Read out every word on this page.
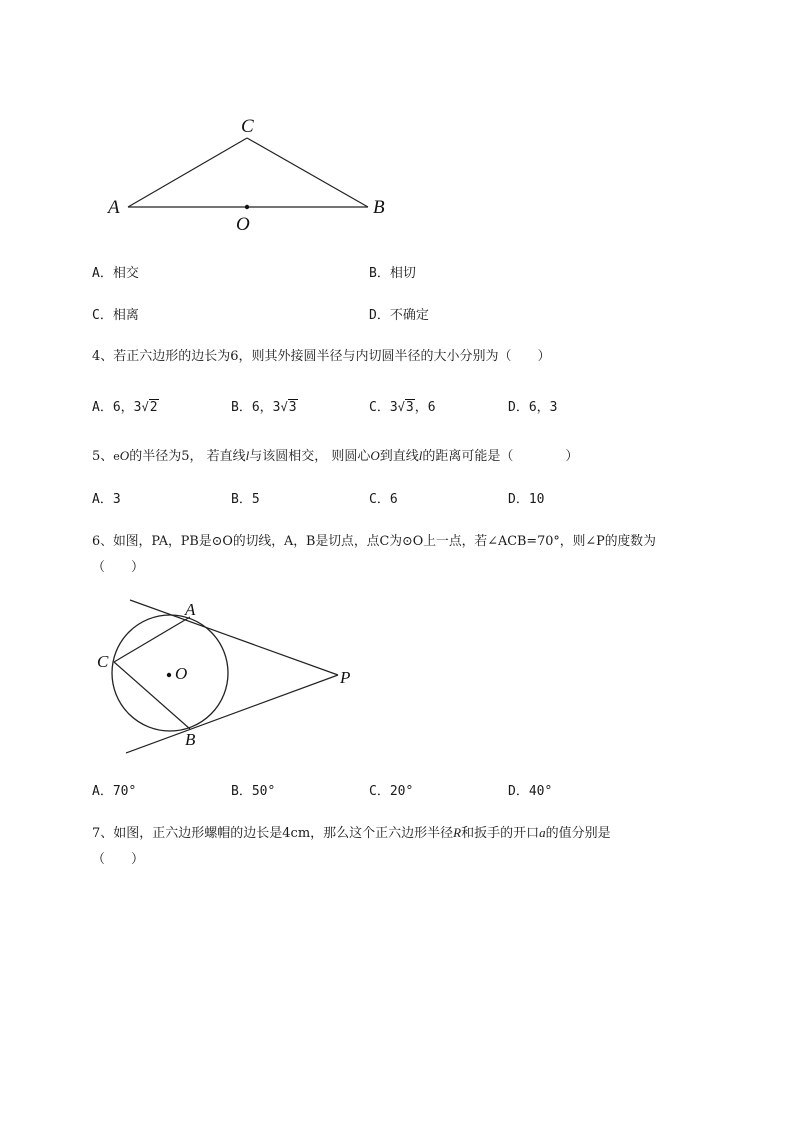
C
A	B
O
A．相交	B．相切
C．相离	D．不确定
4、若正六边形的边长为6，则其外接圆半径与内切圆半径的大小分别为（　　）
A．6，3√2	B．6，3√3	C．3√3，6	D．6，3
5、eO的半径为5， 若直线l与该圆相交， 则圆心O到直线l的距离可能是（　　　　）
A．3	B．5	C．6	D．10
6、如图，PA，PB是⊙O的切线，A，B是切点，点C为⊙O上一点，若∠ACB=70°，则∠P的度数为
（　　）
A
C
O	P
B
A．70°	B．50°	C．20°	D．40°
7、如图，正六边形螺帽的边长是4cm，那么这个正六边形半径R和扳手的开口a的值分别是
（　　）
